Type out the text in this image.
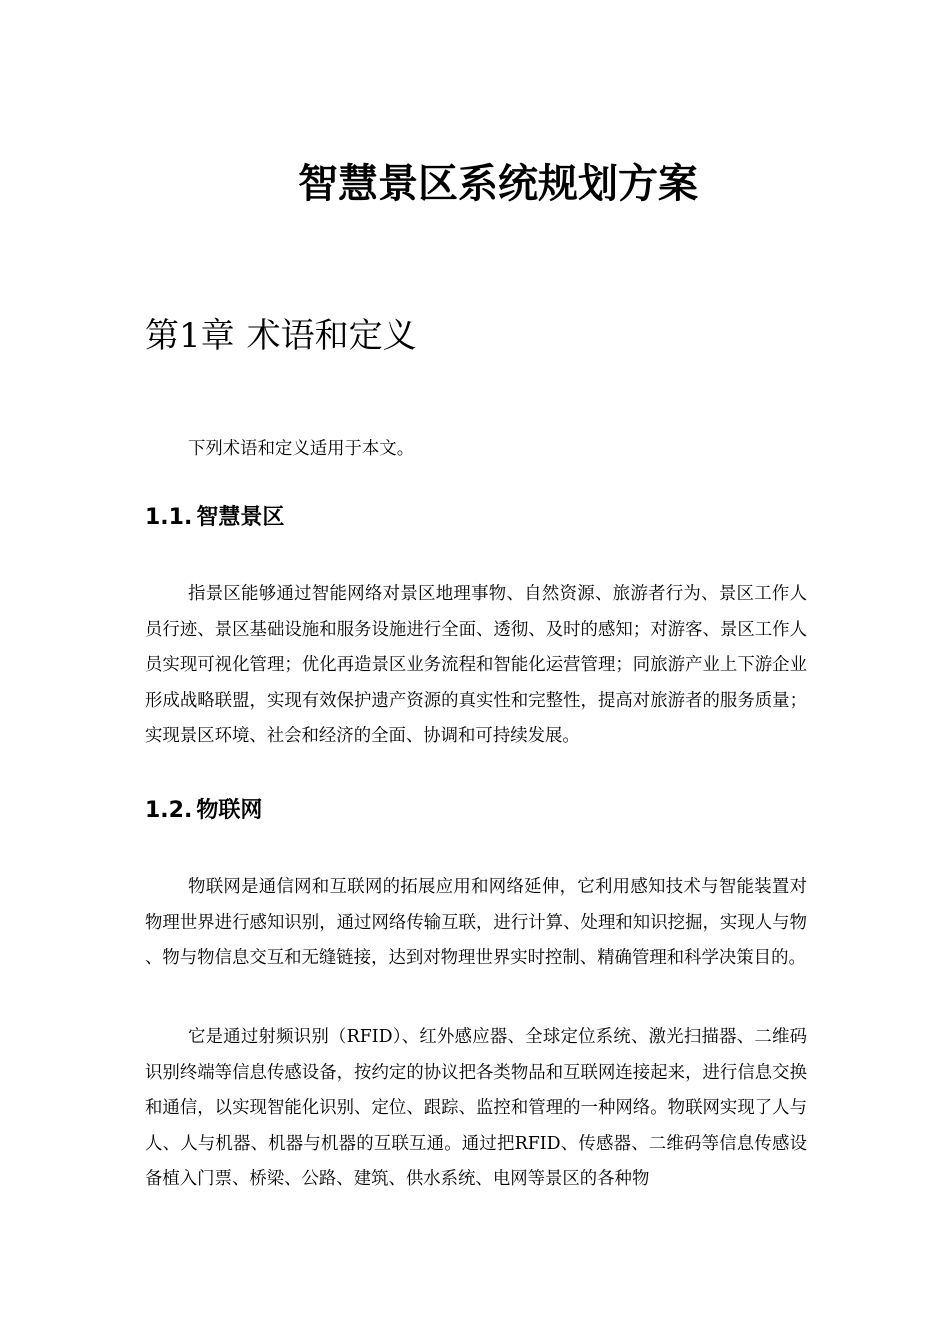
智慧景区系统规划方案
第1章 术语和定义

下列术语和定义适用于本文。

1.1. 智慧景区

指景区能够通过智能网络对景区地理事物、自然资源、旅游者行为、景区工作人员行迹、景区基础设施和服务设施进行全面、透彻、及时的感知；对游客、景区工作人员实现可视化管理；优化再造景区业务流程和智能化运营管理；同旅游产业上下游企业形成战略联盟，实现有效保护遗产资源的真实性和完整性，提高对旅游者的服务质量；实现景区环境、社会和经济的全面、协调和可持续发展。

1.2. 物联网

物联网是通信网和互联网的拓展应用和网络延伸，它利用感知技术与智能装置对物理世界进行感知识别，通过网络传输互联，进行计算、处理和知识挖掘，实现人与物、物与物信息交互和无缝链接，达到对物理世界实时控制、精确管理和科学决策目的。

它是通过射频识别（RFID）、红外感应器、全球定位系统、激光扫描器、二维码识别终端等信息传感设备，按约定的协议把各类物品和互联网连接起来，进行信息交换和通信，以实现智能化识别、定位、跟踪、监控和管理的一种网络。物联网实现了人与人、人与机器、机器与机器的互联互通。通过把RFID、传感器、二维码等信息传感设备植入门票、桥梁、公路、建筑、供水系统、电网等景区的各种物
